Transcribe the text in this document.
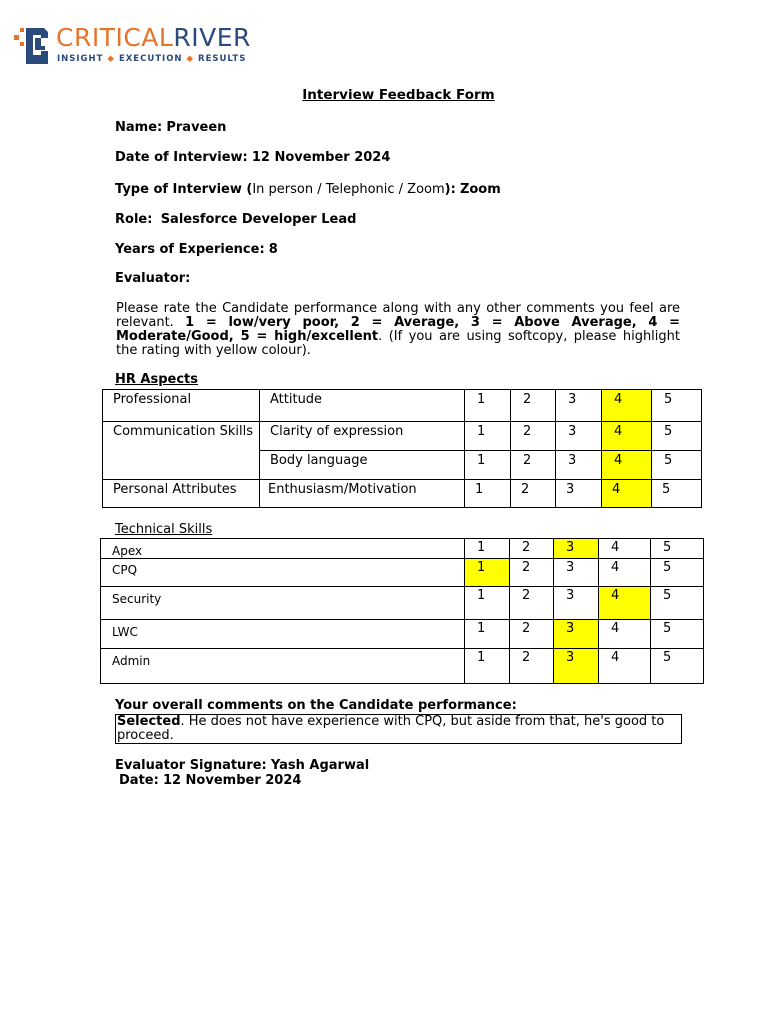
CRITICALRIVER
INSIGHT ◆ EXECUTION ◆ RESULTS
Interview Feedback Form
Name: Praveen
Date of Interview: 12 November 2024
Type of Interview (In person / Telephonic / Zoom): Zoom
Role: Salesforce Developer Lead
Years of Experience: 8
Evaluator:
Please rate the Candidate performance along with any other comments you feel are relevant. 1 = low/very poor, 2 = Average, 3 = Above Average, 4 = Moderate/Good, 5 = high/excellent. (If you are using softcopy, please highlight the rating with yellow colour).
HR Aspects
Professional	Attitude	1	2	3	4	5

Communication Skills	Clarity of expression	1	2	3	4	5

	Body language	1	2	3	4	5

Personal Attributes	Enthusiasm/Motivation	1	2	3	4	5
Technical Skills
Apex	1	2	3	4	5

CPQ	1	2	3	4	5

Security	1	2	3	4	5

LWC	1	2	3	4	5

Admin	1	2	3	4	5
Your overall comments on the Candidate performance:
Selected. He does not have experience with CPQ, but aside from that, he's good to proceed.
Evaluator Signature: Yash Agarwal
Date: 12 November 2024
